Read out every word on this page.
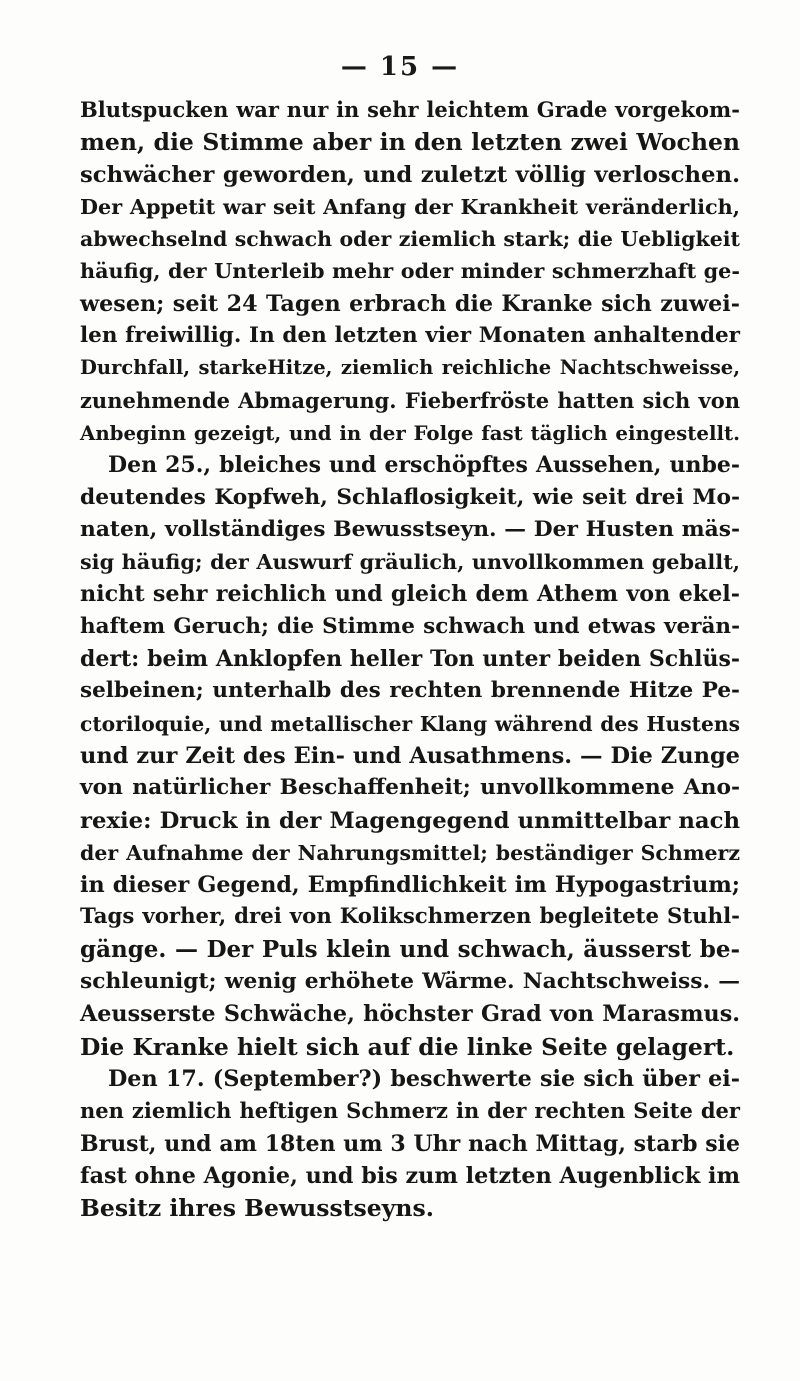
— 15 —
Blutspucken war nur in sehr leichtem Grade vorgekom-
men, die Stimme aber in den letzten zwei Wochen
schwächer geworden, und zuletzt völlig verloschen.
Der Appetit war seit Anfang der Krankheit veränderlich,
abwechselnd schwach oder ziemlich stark; die Uebligkeit
häufig, der Unterleib mehr oder minder schmerzhaft ge-
wesen; seit 24 Tagen erbrach die Kranke sich zuwei-
len freiwillig. In den letzten vier Monaten anhaltender
Durchfall, starkeHitze, ziemlich reichliche Nachtschweisse,
zunehmende Abmagerung. Fieberfröste hatten sich von
Anbeginn gezeigt, und in der Folge fast täglich eingestellt.
Den 25., bleiches und erschöpftes Aussehen, unbe-
deutendes Kopfweh, Schlaflosigkeit, wie seit drei Mo-
naten, vollständiges Bewusstseyn. — Der Husten mäs-
sig häufig; der Auswurf gräulich, unvollkommen geballt,
nicht sehr reichlich und gleich dem Athem von ekel-
haftem Geruch; die Stimme schwach und etwas verän-
dert: beim Anklopfen heller Ton unter beiden Schlüs-
selbeinen; unterhalb des rechten brennende Hitze Pe-
ctoriloquie, und metallischer Klang während des Hustens
und zur Zeit des Ein- und Ausathmens. — Die Zunge
von natürlicher Beschaffenheit; unvollkommene Ano-
rexie: Druck in der Magengegend unmittelbar nach
der Aufnahme der Nahrungsmittel; beständiger Schmerz
in dieser Gegend, Empfindlichkeit im Hypogastrium;
Tags vorher, drei von Kolikschmerzen begleitete Stuhl-
gänge. — Der Puls klein und schwach, äusserst be-
schleunigt; wenig erhöhete Wärme. Nachtschweiss. —
Aeusserste Schwäche, höchster Grad von Marasmus.
Die Kranke hielt sich auf die linke Seite gelagert.
Den 17. (September?) beschwerte sie sich über ei-
nen ziemlich heftigen Schmerz in der rechten Seite der
Brust, und am 18ten um 3 Uhr nach Mittag, starb sie
fast ohne Agonie, und bis zum letzten Augenblick im
Besitz ihres Bewusstseyns.
